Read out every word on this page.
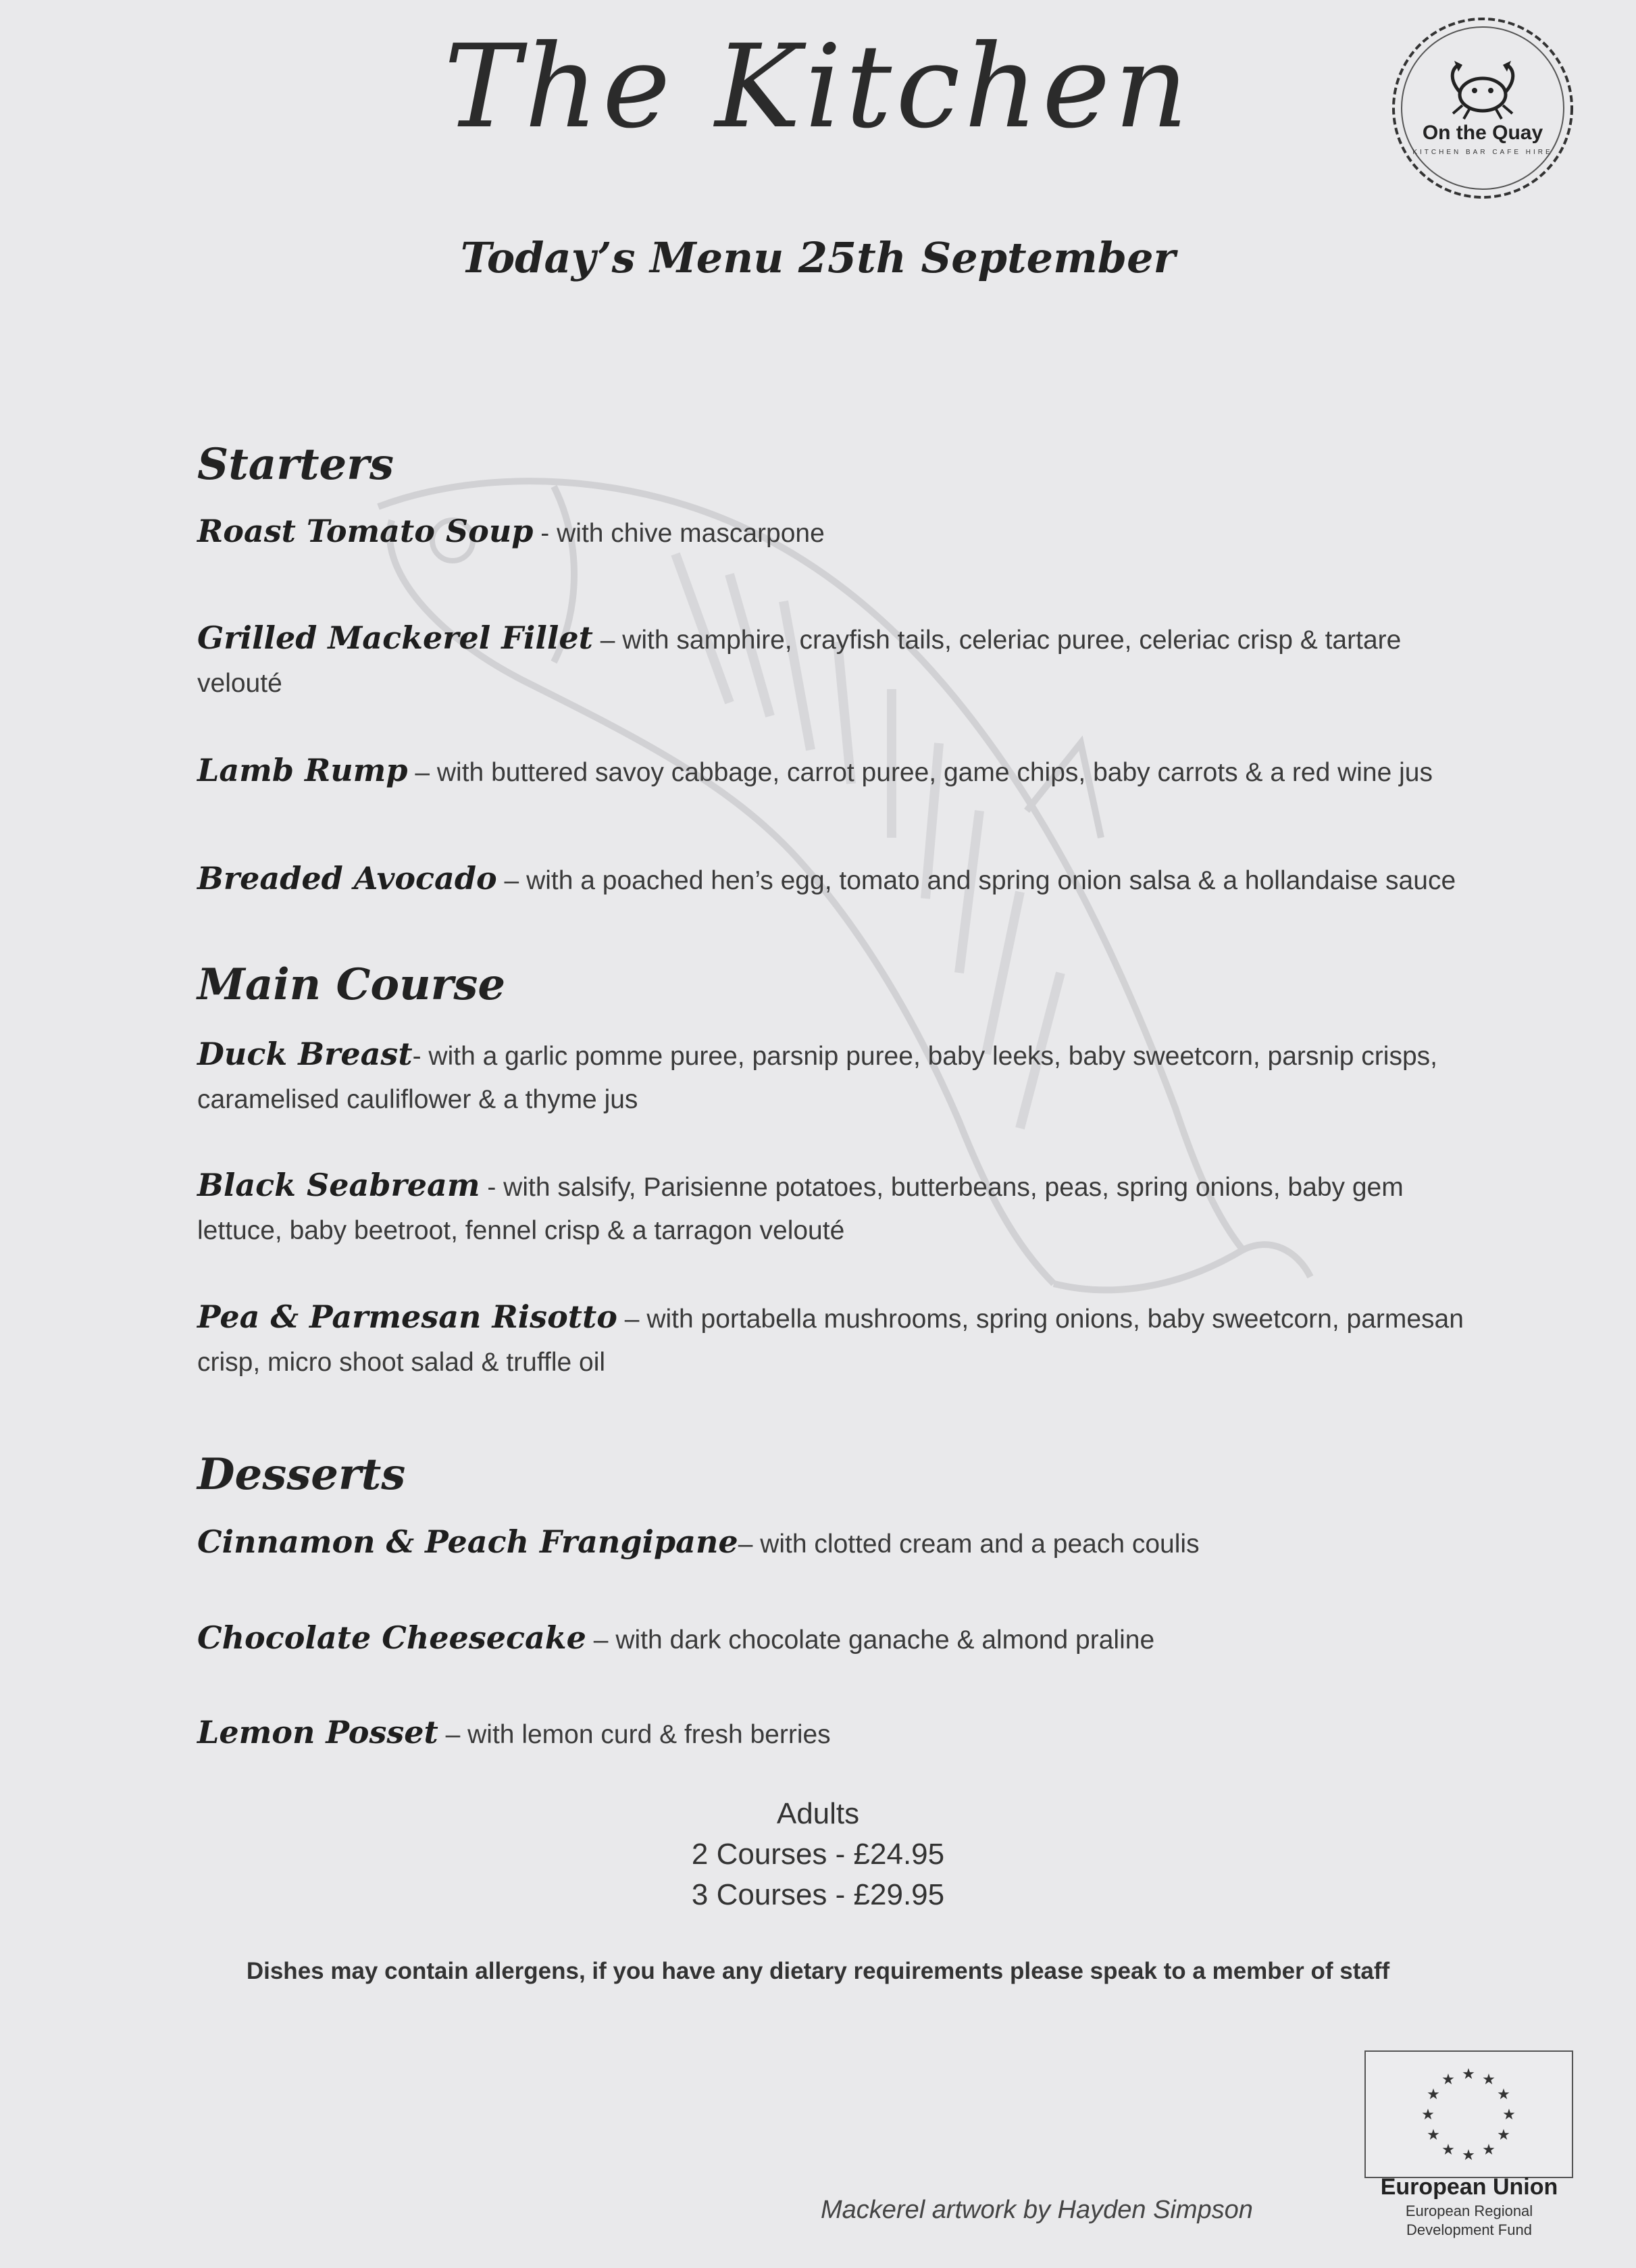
The Kitchen
Today’s Menu 25th September
On the Quay
KITCHEN BAR CAFE HIRE
Starters
Roast Tomato Soup - with chive mascarpone
Grilled Mackerel Fillet – with samphire, crayfish tails, celeriac puree, celeriac crisp & tartare velouté
Lamb Rump – with buttered savoy cabbage, carrot puree, game chips, baby carrots & a red wine jus
Breaded Avocado – with a poached hen’s egg, tomato and spring onion salsa & a hollandaise sauce
Main Course
Duck Breast- with a garlic pomme puree, parsnip puree, baby leeks, baby sweetcorn, parsnip crisps, caramelised cauliflower & a thyme jus
Black Seabream - with salsify, Parisienne potatoes, butterbeans, peas, spring onions, baby gem lettuce, baby beetroot, fennel crisp & a tarragon velouté
Pea & Parmesan Risotto – with portabella mushrooms, spring onions, baby sweetcorn, parmesan crisp, micro shoot salad & truffle oil
Desserts
Cinnamon & Peach Frangipane– with clotted cream and a peach coulis
Chocolate Cheesecake – with dark chocolate ganache & almond praline
Lemon Posset – with lemon curd & fresh berries
Adults
2 Courses - £24.95
3 Courses - £29.95
Dishes may contain allergens, if you have any dietary requirements please speak to a member of staff
Mackerel artwork by Hayden Simpson
★ ★
★
★
★
★
★
★
★
★
★
★
European Union
European Regional
Development Fund
